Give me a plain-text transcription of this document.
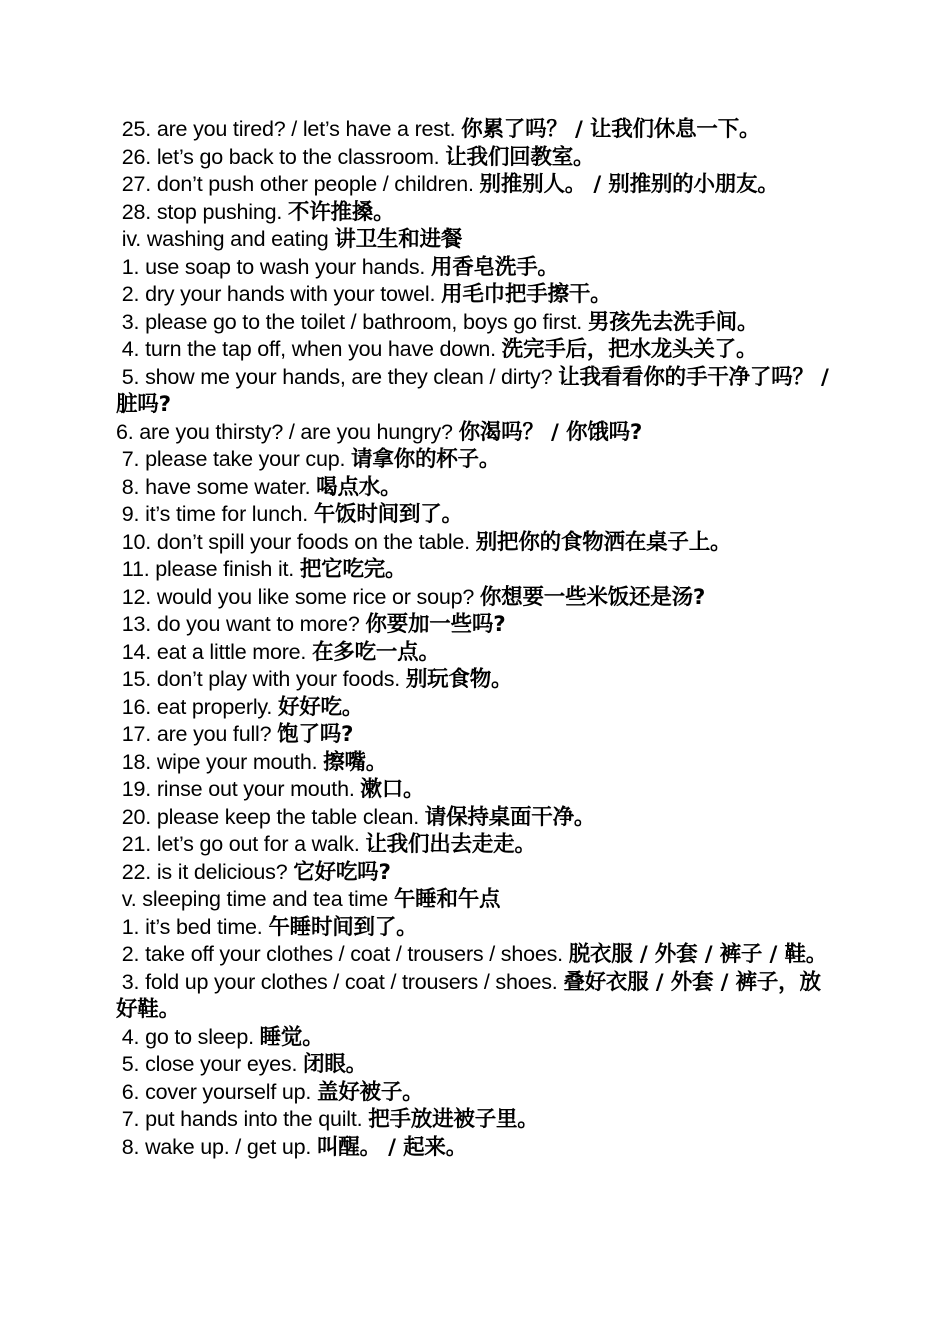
25. are you tired? / let’s have a rest. 你累了吗？ / 让我们休息一下。
26. let’s go back to the classroom. 让我们回教室。
27. don’t push other people / children. 别推别人。 / 别推别的小朋友。
28. stop pushing. 不许推搡。
iv. washing and eating 讲卫生和进餐
1. use soap to wash your hands. 用香皂洗手。
2. dry your hands with your towel. 用毛巾把手擦干。
3. please go to the toilet / bathroom, boys go first. 男孩先去洗手间。
4. turn the tap off, when you have down. 洗完手后，把水龙头关了。
5. show me your hands, are they clean / dirty? 让我看看你的手干净了吗？ / 脏吗?
6. are you thirsty? / are you hungry? 你渴吗？ / 你饿吗?
7. please take your cup. 请拿你的杯子。
8. have some water. 喝点水。
9. it’s time for lunch. 午饭时间到了。
10. don’t spill your foods on the table. 别把你的食物洒在桌子上。
11. please finish it. 把它吃完。
12. would you like some rice or soup? 你想要一些米饭还是汤?
13. do you want to more? 你要加一些吗?
14. eat a little more. 在多吃一点。
15. don’t play with your foods. 别玩食物。
16. eat properly. 好好吃。
17. are you full? 饱了吗?
18. wipe your mouth. 擦嘴。
19. rinse out your mouth. 漱口。
20. please keep the table clean. 请保持桌面干净。
21. let’s go out for a walk. 让我们出去走走。
22. is it delicious? 它好吃吗?
v. sleeping time and tea time 午睡和午点
1. it’s bed time. 午睡时间到了。
2. take off your clothes / coat / trousers / shoes. 脱衣服 / 外套 / 裤子 / 鞋。
3. fold up your clothes / coat / trousers / shoes. 叠好衣服 / 外套 / 裤子，放好鞋。
4. go to sleep. 睡觉。
5. close your eyes. 闭眼。
6. cover yourself up. 盖好被子。
7. put hands into the quilt. 把手放进被子里。
8. wake up. / get up. 叫醒。 / 起来。
